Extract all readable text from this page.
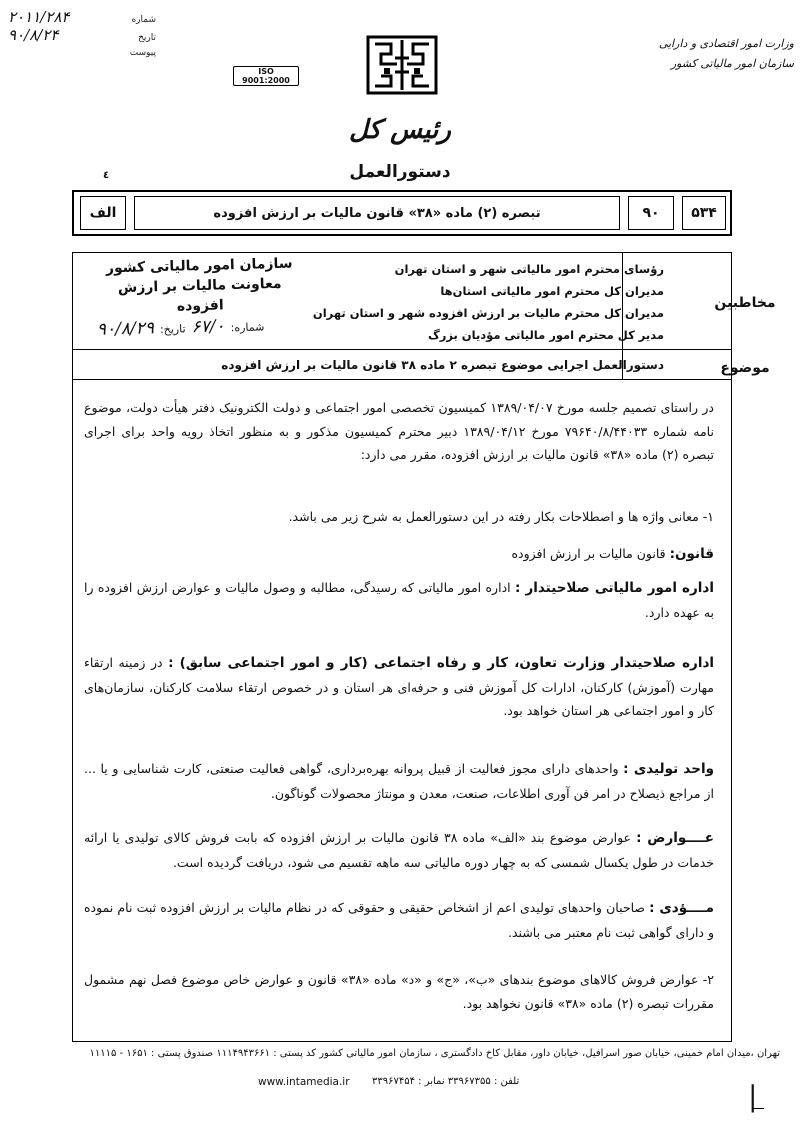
شماره
۲۰۱۱/۲۸۴
تاریخ
۹۰/۸/۲۴
پیوست
ISO 9001:2000
وزارت امور اقتصادی و دارایی
سازمان امور مالیاتی کشور
رئیس کل
دستورالعمل
٤
۵۳۴
۹۰
تبصره (۲) ماده «۳۸» قانون مالیات بر ارزش افزوده
الف
مخاطبین
رؤسای محترم امور مالیاتی شهر و استان تهران
مدیران کل محترم امور مالیاتی استان‌ها
مدیران کل محترم مالیات بر ارزش افزوده شهر و استان تهران
مدیر کل محترم امور مالیاتی مؤدیان بزرگ
موضوع
دستورالعمل اجرایی موضوع تبصره ۲ ماده ۳۸ قانون مالیات بر ارزش افزوده
سازمان امور مالیاتی کشور
معاونت مالیات بر ارزش افزوده
شماره:
۶۷/۰
تاریخ:
۹۰/۸/۲۹
در راستای تصمیم جلسه مورخ ۱۳۸۹/۰۴/۰۷ کمیسیون تخصصی امور اجتماعی و دولت الکترونیک دفتر هیأت دولت، موضوع نامه شماره ۷۹۶۴۰/۸/۴۴۰۳۳ مورخ ۱۳۸۹/۰۴/۱۲ دبیر محترم کمیسیون مذکور و به منظور اتخاذ رویه واحد برای اجرای تبصره (۲) ماده «۳۸» قانون مالیات بر ارزش افزوده، مقرر می دارد:
۱- معانی واژه ها و اصطلاحات بکار رفته در این دستورالعمل به شرح زیر می باشد.
قانون: قانون مالیات بر ارزش افزوده
اداره امور مالیاتی صلاحیتدار : اداره امور مالیاتی که رسیدگی، مطالبه و وصول مالیات و عوارض ارزش افزوده را به عهده دارد.
اداره صلاحیتدار وزارت تعاون، کار و رفاه اجتماعی (کار و امور اجتماعی سابق) : در زمینه ارتقاء مهارت (آموزش) کارکنان، ادارات کل آموزش فنی و حرفه‌ای هر استان و در خصوص ارتقاء سلامت کارکنان، سازمان‌های کار و امور اجتماعی هر استان خواهد بود.
واحد تولیدی : واحدهای دارای مجوز فعالیت از قبیل پروانه بهره‌برداری، گواهی فعالیت صنعتی، کارت شناسایی و یا ... از مراجع ذیصلاح در امر فن آوری اطلاعات، صنعت، معدن و مونتاژ محصولات گوناگون.
عــــوارض : عوارض موضوع بند «الف» ماده ۳۸ قانون مالیات بر ارزش افزوده که بابت فروش کالای تولیدی یا ارائه خدمات در طول یکسال شمسی که به چهار دوره مالیاتی سه ماهه تقسیم می شود، دریافت گردیده است.
مــــؤدی : صاحبان واحدهای تولیدی اعم از اشخاص حقیقی و حقوقی که در نظام مالیات بر ارزش افزوده ثبت نام نموده و دارای گواهی ثبت نام معتبر می باشند.
۲- عوارض فروش کالاهای موضوع بندهای «ب»، «ج» و «د» ماده «۳۸» قانون و عوارض خاص موضوع فصل نهم مشمول مقررات تبصره (۲) ماده «۳۸» قانون نخواهد بود.
تهران ،میدان امام خمینی، خیابان صور اسرافیل، خیابان داور، مقابل کاخ دادگستری ، سازمان امور مالیاتی کشور کد پستی : ۱۱۱۴۹۴۳۶۶۱ صندوق پستی : ۱۶۵۱ - ۱۱۱۱۵
www.intamedia.ir تلفن : ۳۳۹۶۷۳۵۵ نمابر : ۳۳۹۶۷۴۵۴	|
